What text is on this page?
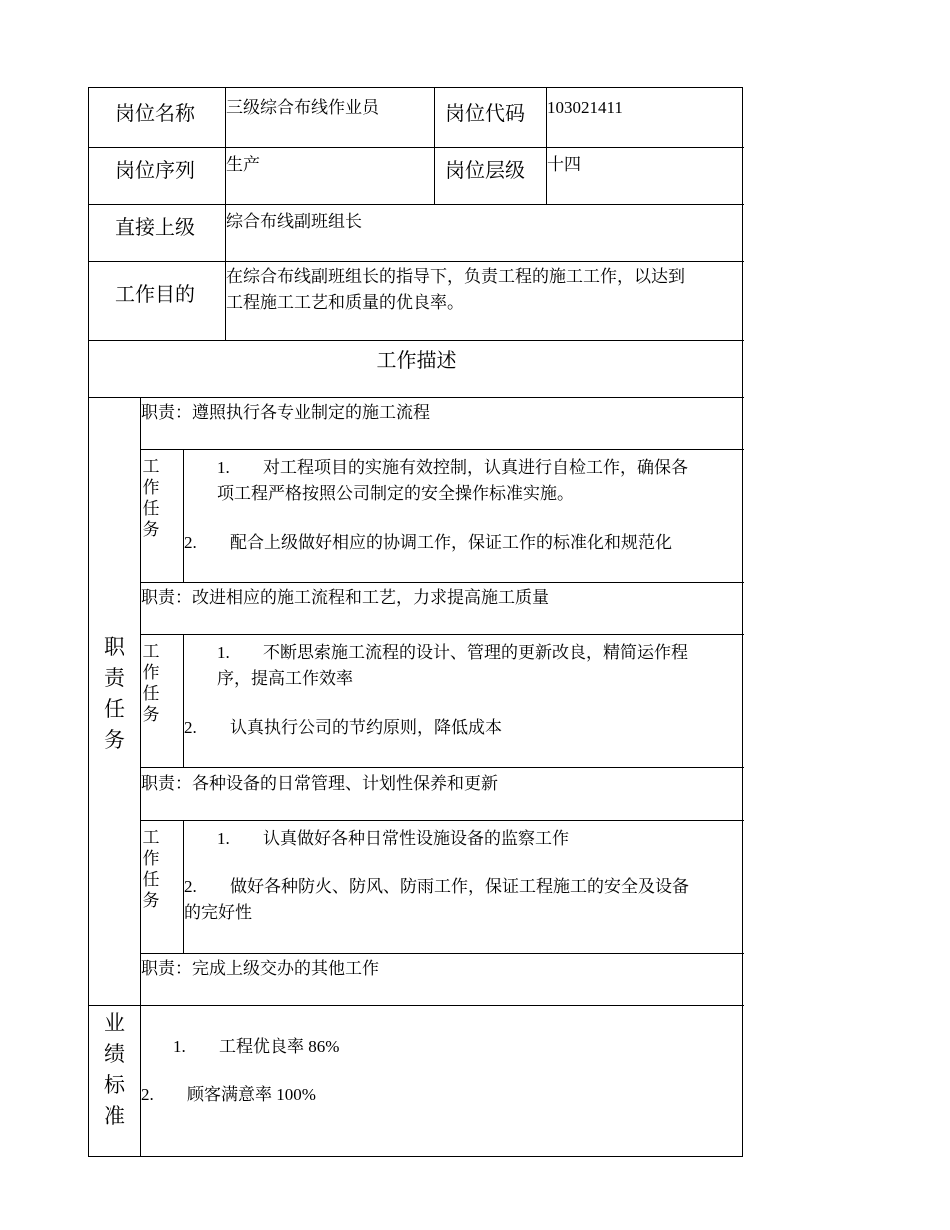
岗位名称 三级综合布线作业员	岗位代码 103021411
岗位序列 生产	岗位层级 十四
直接上级 综合布线副班组长
工作目的
在综合布线副班组长的指导下，负责工程的施工工作，以达到
工程施工工艺和质量的优良率。
工作描述
职
责
任
务
职责：遵照执行各专业制定的施工流程
工
作
任
务
1. 对工程项目的实施有效控制，认真进行自检工作，确保各
项工程严格按照公司制定的安全操作标准实施。
2. 配合上级做好相应的协调工作，保证工作的标准化和规范化
职责：改进相应的施工流程和工艺，力求提高施工质量
工
作
任
务
1. 不断思索施工流程的设计、管理的更新改良，精简运作程
序，提高工作效率
2. 认真执行公司的节约原则，降低成本
职责：各种设备的日常管理、计划性保养和更新
工
作
任
务
1. 认真做好各种日常性设施设备的监察工作
2. 做好各种防火、防风、防雨工作，保证工程施工的安全及设备
的完好性
职责：完成上级交办的其他工作
业
绩
标
准
1. 工程优良率 86%
2. 顾客满意率 100%
